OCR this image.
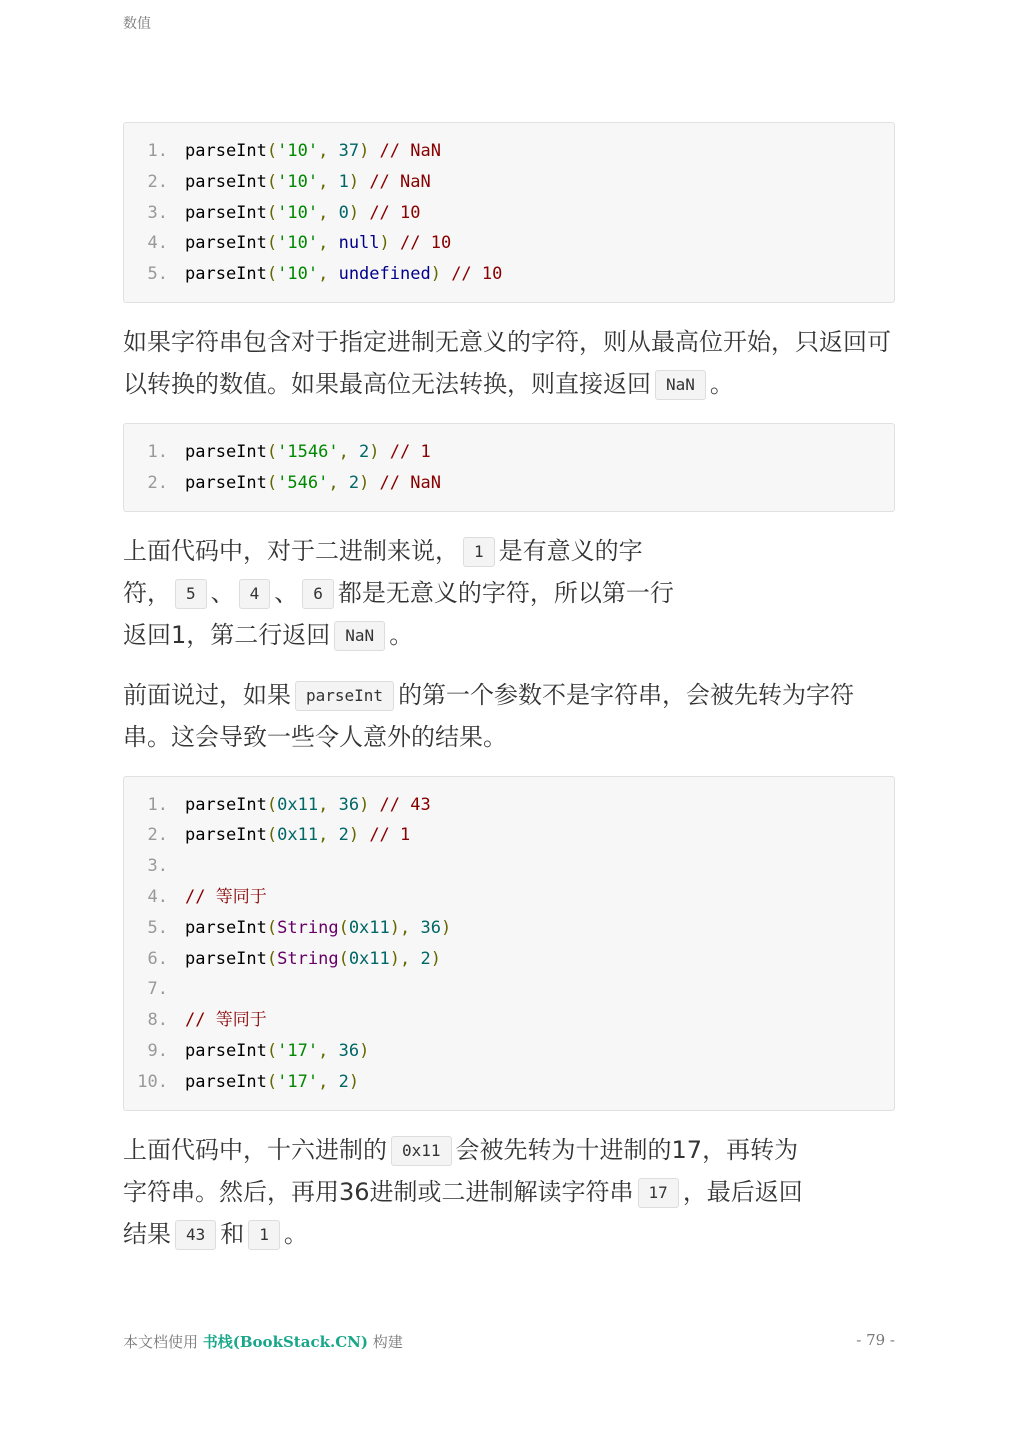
数值
1.	parseInt('10', 37) // NaN
2.	parseInt('10', 1) // NaN
3.	parseInt('10', 0) // 10
4.	parseInt('10', null) // 10
5.	parseInt('10', undefined) // 10

如果字符串包含对于指定进制无意义的字符，则从最高位开始，只返回可以转换的数值。如果最高位无法转换，则直接返回 NaN 。

1.	parseInt('1546', 2) // 1
2.	parseInt('546', 2) // NaN

上面代码中，对于二进制来说， 1 是有意义的字符， 5 、 4 、 6 都是无意义的字符，所以第一行返回1，第二行返回 NaN 。

前面说过，如果 parseInt 的第一个参数不是字符串，会被先转为字符串。这会导致一些令人意外的结果。

1.	parseInt(0x11, 36) // 43
2.	parseInt(0x11, 2) // 1
3.
4.	// 等同于
5.	parseInt(String(0x11), 36)
6.	parseInt(String(0x11), 2)
7.
8.	// 等同于
9.	parseInt('17', 36)
10.	parseInt('17', 2)

上面代码中，十六进制的 0x11 会被先转为十进制的17，再转为字符串。然后，再用36进制或二进制解读字符串 17 ，最后返回结果 43 和 1 。

本文档使用 书栈(BookStack.CN) 构建	- 79 -
